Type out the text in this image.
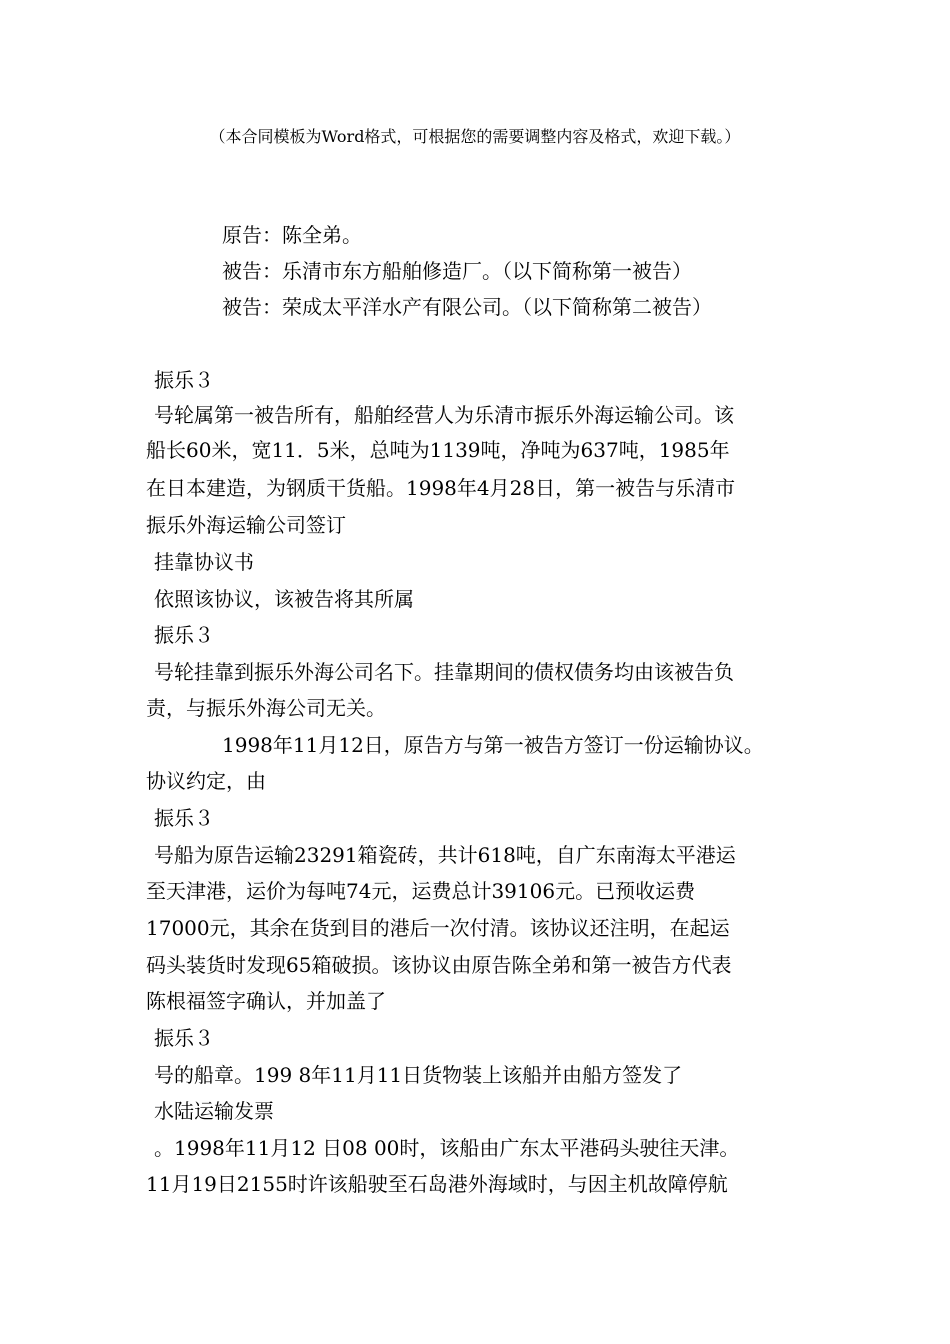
（本合同模板为Word格式，可根据您的需要调整内容及格式，欢迎下载。）
原告：陈全弟。
被告：乐清市东方船舶修造厂。（以下简称第一被告）
被告：荣成太平洋水产有限公司。（以下简称第二被告）
振乐３
号轮属第一被告所有，船舶经营人为乐清市振乐外海运输公司。该
船长60米，宽11．5米，总吨为1139吨，净吨为637吨，1985年
在日本建造，为钢质干货船。1998年4月28日，第一被告与乐清市
振乐外海运输公司签订
挂靠协议书
依照该协议，该被告将其所属
振乐３
号轮挂靠到振乐外海公司名下。挂靠期间的债权债务均由该被告负
责，与振乐外海公司无关。
1998年11月12日，原告方与第一被告方签订一份运输协议。
协议约定，由
振乐３
号船为原告运输23291箱瓷砖，共计618吨，自广东南海太平港运
至天津港，运价为每吨74元，运费总计39106元。已预收运费
17000元，其余在货到目的港后一次付清。该协议还注明，在起运
码头装货时发现65箱破损。该协议由原告陈全弟和第一被告方代表
陈根福签字确认，并加盖了
振乐３
号的船章。199 8年11月11日货物装上该船并由船方签发了
水陆运输发票
。1998年11月12 日08 00时，该船由广东太平港码头驶往天津。
11月19日2155时许该船驶至石岛港外海域时，与因主机故障停航
